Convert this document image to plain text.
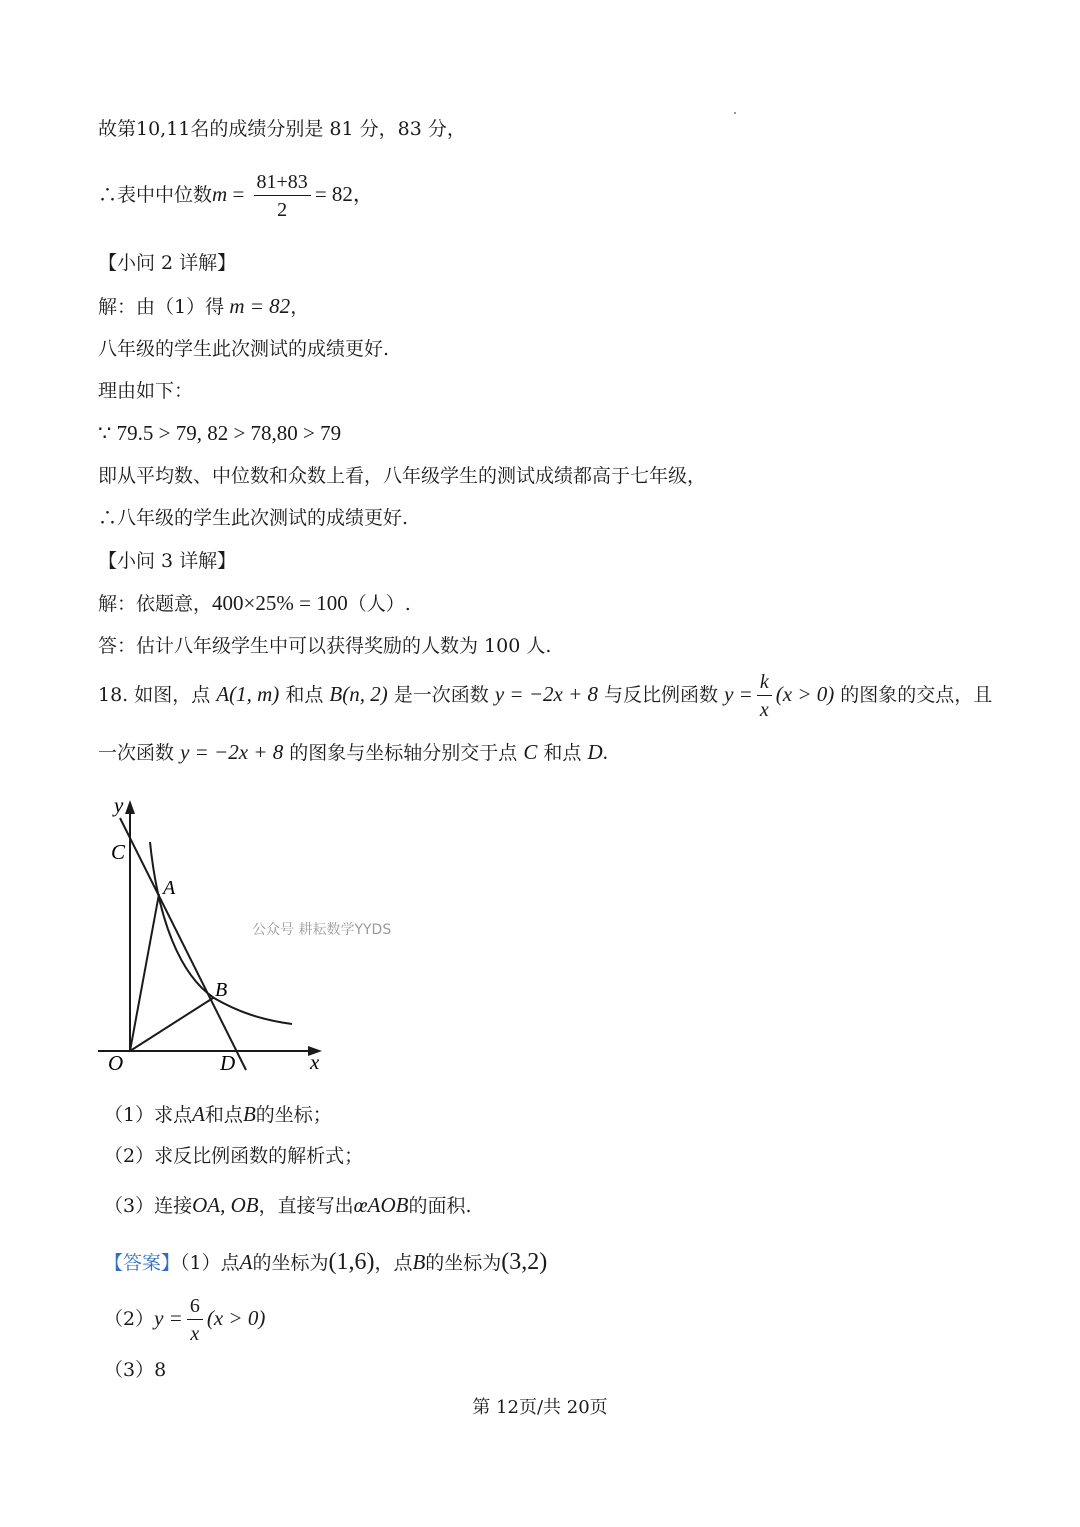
故第10,11名的成绩分别是 81 分，83 分，
∴表中中位数$m = \frac{81+83}{2} = 82$，
【小问 2 详解】
解：由（1）得 m = 82，
八年级的学生此次测试的成绩更好.
理由如下：
∵ 79.5 > 79, 82 > 78,80 > 79
即从平均数、中位数和众数上看，八年级学生的测试成绩都高于七年级，
∴八年级的学生此次测试的成绩更好.
【小问 3 详解】
解：依题意，400×25% = 100（人）.
答：估计八年级学生中可以获得奖励的人数为 100 人.
18. 如图，点 A(1, m) 和点 B(n, 2) 是一次函数 y = −2x + 8 与反比例函数 $y = \frac{k}{x} (x > 0)$ 的图象的交点，且
一次函数 y = −2x + 8 的图象与坐标轴分别交于点 C 和点 D.
y
C
A
B
O	D	x
公众号 耕耘数学YYDS
（1）求点A和点B的坐标；
（2）求反比例函数的解析式；
（3）连接OA, OB，直接写出œAOB的面积.
【答案】（1）点A的坐标为(1,6)，点B的坐标为(3,2)
$(2)y = \frac{6}{x} (x > 0)$
（3）8
第 12页/共 20页
